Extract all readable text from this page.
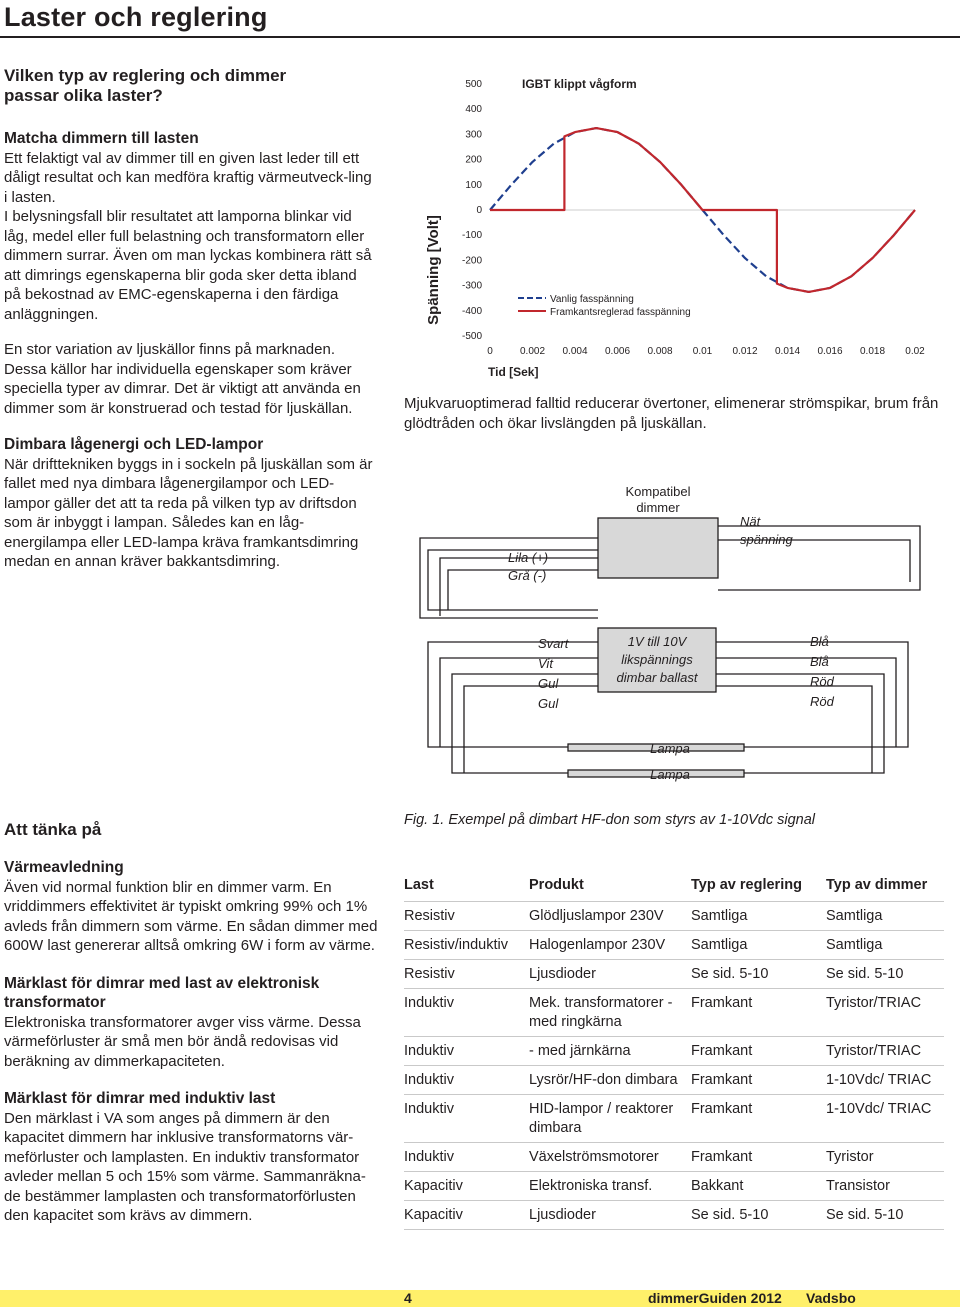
Laster och reglering
Vilken typ av reglering och dimmer passar olika laster?

Matcha dimmern till lasten

Ett felaktigt val av dimmer till en given last leder till ett dåligt resultat och kan medföra kraftig värmeutveck-ling i lasten.

I belysningsfall blir resultatet att lamporna blinkar vid låg, medel eller full belastning och transformatorn eller dimmern surrar. Även om man lyckas kombinera rätt så att dimrings egenskaperna blir goda sker detta ibland på bekostnad av EMC-egenskaperna i den färdiga anläggningen.

En stor variation av ljuskällor finns på marknaden. Dessa källor har individuella egenskaper som kräver speciella typer av dimrar. Det är viktigt att använda en dimmer som är konstruerad och testad för ljuskällan.

Dimbara lågenergi och LED-lampor

När drifttekniken byggs in i sockeln på ljuskällan som är fallet med nya dimbara lågenergilampor och LED-lampor gäller det att ta reda på vilken typ av driftsdon som är inbyggt i lampan. Således kan en låg-energilampa eller LED-lampa kräva framkantsdimring medan en annan kräver bakkantsdimring.

Spänning [Volt]
IGBT klippt vågform
Tid [Sek]
500
400
300
200
100
0
-100
-200
-300
-400
-500
0	0.002 0.004 0.006 0.008 0.01 0.012 0.014 0.016 0.018 0.02
Vanlig fasspänning
Framkantsreglerad fasspänning
Mjukvaruoptimerad falltid reducerar övertoner, elimenerar strömspikar, brum från glödtråden och ökar livslängden på ljuskällan.
Kompatibel
dimmer
Nät
spänning
Lila (+)
Grå (-)
1V till 10V
likspännings
dimbar ballast
Svart
Vit
Gul
Gul
Blå
Blå
Röd
Röd
Lampa
Lampa
Fig. 1. Exempel på dimbart HF-don som styrs av 1-10Vdc signal
Att tänka på

Värmeavledning

Även vid normal funktion blir en dimmer varm. En vriddimmers effektivitet är typiskt omkring 99% och 1% avleds från dimmern som värme. En sådan dimmer med 600W last genererar alltså omkring 6W i form av värme.

Märklast för dimrar med last av elektronisk transformator

Elektroniska transformatorer avger viss värme. Dessa värmeförluster är små men bör ändå redovisas vid beräkning av dimmerkapaciteten.

Märklast för dimrar med induktiv last

Den märklast i VA som anges på dimmern är den kapacitet dimmern har inklusive transformatorns vär-meförluster och lamplasten. En induktiv transformator avleder mellan 5 och 15% som värme. Sammanräkna-de bestämmer lamplasten och transformatorförlusten den kapacitet som krävs av dimmern.

Last	Produkt	Typ av reglering	Typ av dimmer
Resistiv	Glödljuslampor 230V	Samtliga	Samtliga
Resistiv/induktiv	Halogenlampor 230V	Samtliga	Samtliga
Resistiv	Ljusdioder	Se sid. 5-10	Se sid. 5-10
Induktiv	Mek. transformatorer - med ringkärna	Framkant	Tyristor/TRIAC
Induktiv	- med järnkärna	Framkant	Tyristor/TRIAC
Induktiv	Lysrör/HF-don dimbara	Framkant	1-10Vdc/ TRIAC
Induktiv	HID-lampor / reaktorer dimbara	Framkant	1-10Vdc/ TRIAC
Induktiv	Växelströmsmotorer	Framkant	Tyristor
Kapacitiv	Elektroniska transf.	Bakkant	Transistor
Kapacitiv	Ljusdioder	Se sid. 5-10	Se sid. 5-10
4	dimmerGuiden 2012 Vadsbo
